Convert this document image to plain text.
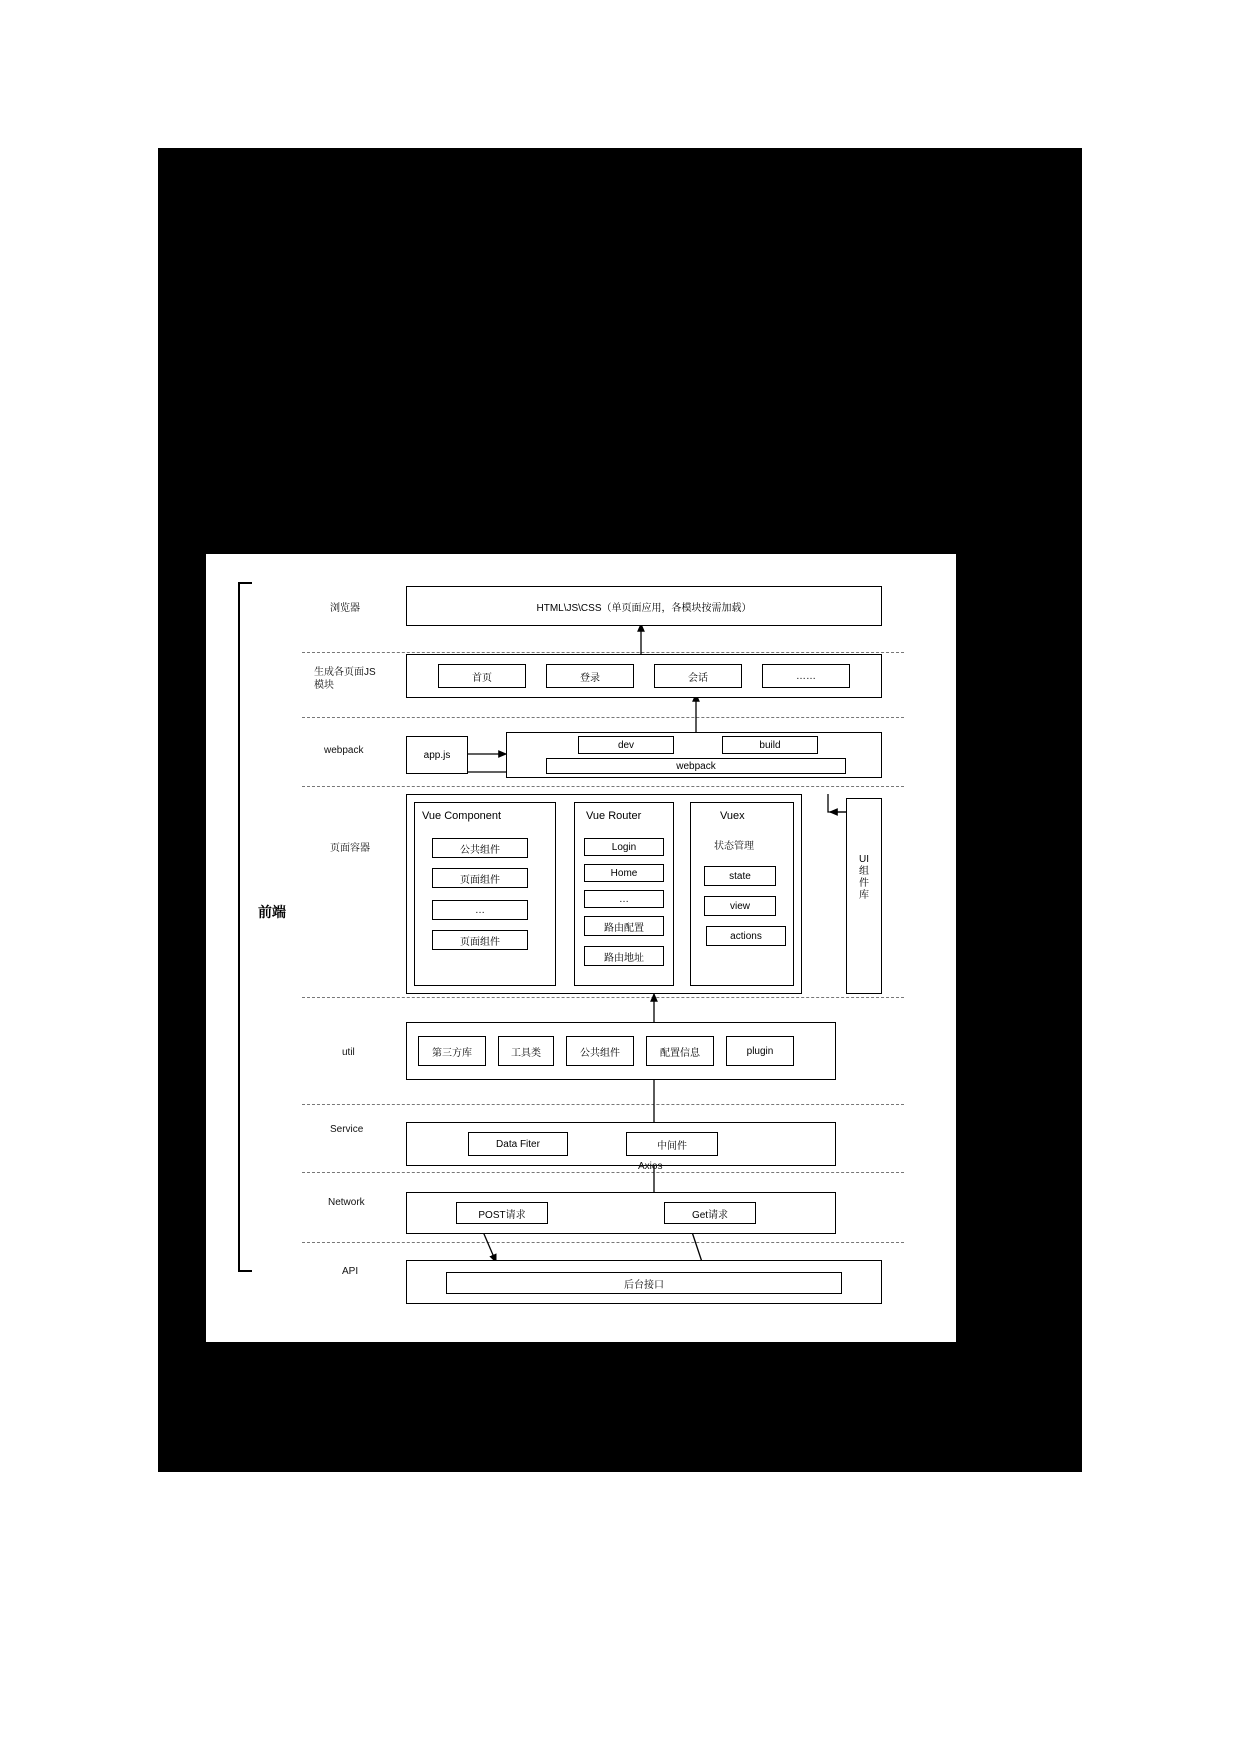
前端
浏览器
生成各页面JS模块
webpack
页面容器
util
Service
Network
API
HTML\JS\CSS（单页面应用，各模块按需加载）
首页	登录	会话	……
app.js
dev	build
webpack
Vue Component
公共组件
页面组件
…
页面组件
Vue Router
Login
Home
…
路由配置
路由地址
Vuex
状态管理
state
view
actions
UI组件库
第三方库	工具类	公共组件	配置信息	plugin
Data Fiter	中间件
Axios
POST请求	Get请求
后台接口
